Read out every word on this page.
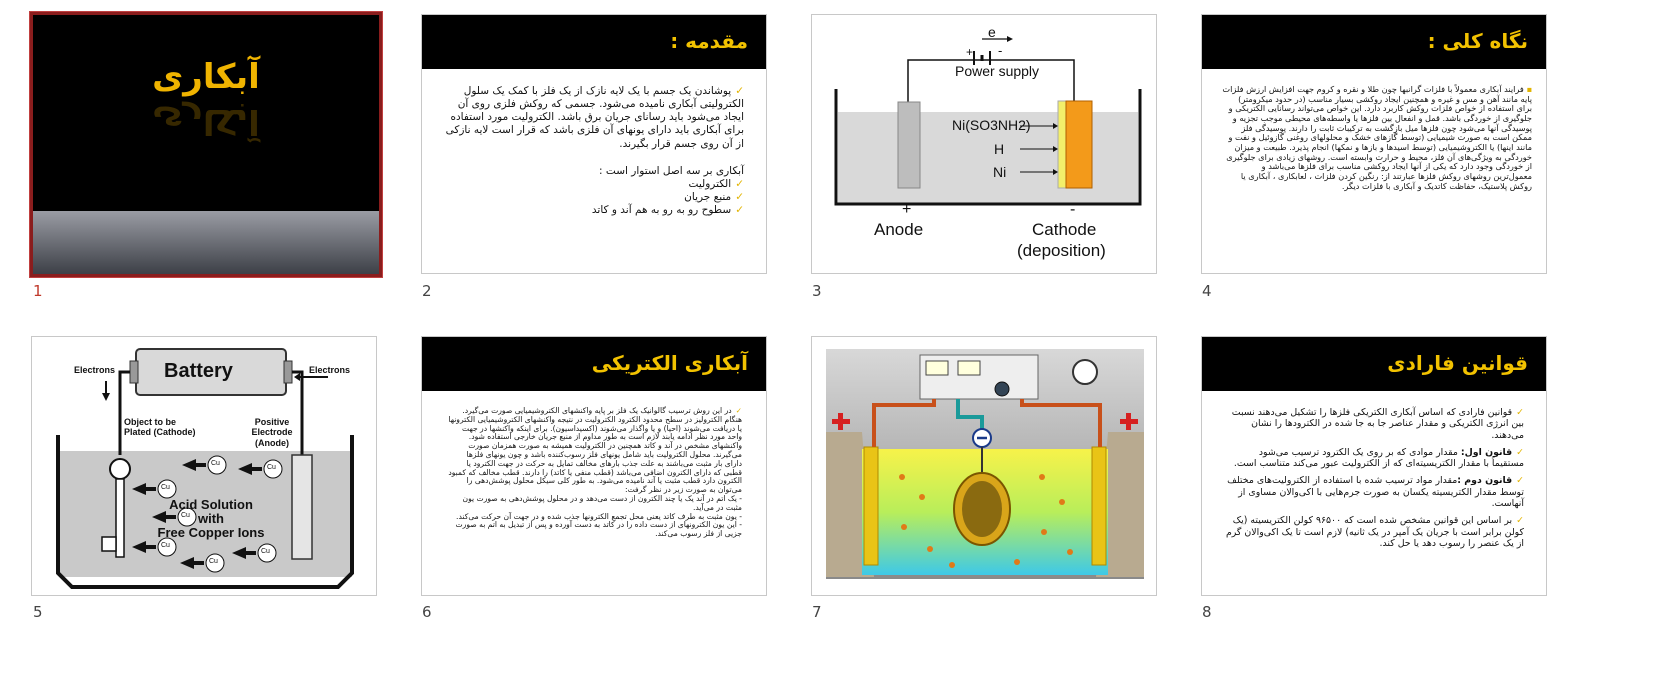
آبکاری
آبکاری
1
مقدمه :
✓ پوشاندن یک جسم با یک لایه نازک از یک فلز با کمک یک سلول الکترولیتی آبکاری نامیده می‌شود. جسمی که روکش فلزی روی آن ایجاد می‌شود باید رسانای جریان برق باشد. الکترولیت مورد استفاده برای آبکاری باید دارای یونهای آن فلزی باشد که قرار است لایه نازکی از آن روی جسم قرار بگیرند.
آبکاری بر سه اصل استوار است :
✓ الکترولیت
✓ منبع جریان
✓ سطوح رو به رو به هم آند و کاتد
2
e
+ -
Power supply
Ni(SO3NH2)
H
Ni
+	-
Anode	Cathode
(deposition)
3
نگاه کلی :
▪ فرایند آبکاری معمولاً با فلزات گرانبها چون طلا و نقره و کروم جهت افزایش ارزش فلزات پایه مانند آهن و مس و غیره و همچنین ایجاد روکشی بسیار مناسب (در حدود میکرومتر) برای استفاده از خواص فلزات روکش کاربرد دارد. این خواص می‌تواند رسانایی الکتریکی و جلوگیری از خوردگی باشد. قمل و انفعال بین فلزها یا واسطه‌های محیطی موجب تجزیه و پوسیدگی آنها می‌شود چون فلزها میل بازگشت به ترکیبات ثابت را دارند. پوسیدگی فلز ممکن است به صورت شیمیایی (توسط گازهای خشک و محلولهای روغنی گازوئیل و نفت و مانند اینها) یا الکتروشیمیایی (توسط اسیدها و بازها و نمکها) انجام پذیرد. طبیعت و میزان خوردگی به ویژگی‌های آن فلز، محیط و حرارت وابسته است. روشهای زیادی برای جلوگیری از خوردگی وجود دارد که یکی از آنها ایجاد روکشی مناسب برای فلزها می‌باشد و معمول‌ترین روشهای روکش فلزها عبارتند از: رنگین کردن فلزات ، لعابکاری ، آبکاری یا روکش پلاستیک، حفاظت کاتدیک و آبکاری با فلزات دیگر.
4
Battery
Electrons	Electrons
Object to be Plated (Cathode)
Positive Electrode (Anode)
Acid Solution
with
Free Copper Ions
Cu
Cu
Cu
Cu
Cu
Cu
Cu
5
آبکاری الکتریکی
✓ در این روش ترسیب گالوانیک یک فلز بر پایه واکنشهای الکتروشیمیایی صورت می‌گیرد. هنگام الکترولیز در سطح محدود الکترود الکترولیت در نتیجه واکنشهای الکتروشیمیایی الکترونها یا دریافت می‌شوند (احیا) و یا واگذار می‌شوند (اکسیداسیون). برای اینکه واکنشها در جهت واحد مورد نظر ادامه یابند لازم است به طور مداوم از منبع جریان خارجی استفاده شود. واکنشهای مشخص در آند و کاتد همچنین در الکترولیت همیشه به صورت همزمان صورت می‌گیرند. محلول الکترولیت باید شامل یونهای فلز رسوب‌کننده باشد و چون یونهای فلزها دارای بار مثبت می‌باشند به علت جذب بارهای مخالف تمایل به حرکت در جهت الکترود یا قطبی که دارای الکترون اضافی می‌باشد (قطب منفی یا کاتد) را دارند. قطب مخالف که کمبود الکترون دارد قطب مثبت یا آند نامیده می‌شود. به طور کلی سیکل محلول پوشش‌دهی را می‌توان به صورت زیر در نظر گرفت:
- یک اتم در آند یک یا چند الکترون از دست می‌دهد و در محلول پوشش‌دهی به صورت یون مثبت در می‌آید.
- یون مثبت به طرف کاتد یعنی محل تجمع الکترونها جذب شده و در جهت آن حرکت می‌کند.
- این یون الکترونهای از دست داده را در کاتد به دست آورده و پس از تبدیل به اتم به صورت جزیی از فلز رسوب می‌کند.
6	7
قوانین فارادی
✓ قوانین فارادی که اساس آبکاری الکتریکی فلزها را تشکیل می‌دهند نسبت بین انرژی الکتریکی و مقدار عناصر جا به جا شده در الکترودها را نشان می‌دهند.
✓ قانون اول: مقدار موادی که بر روی یک الکترود ترسیب می‌شود مستقیماً با مقدار الکتریسیته‌ای که از الکترولیت عبور می‌کند متناسب است.
✓ قانون دوم :مقدار مواد ترسیب شده با استفاده از الکترولیت‌های مختلف توسط مقدار الکتریسیته یکسان به صورت جرم‌هایی با اکی‌والان مساوی از آنهاست.
✓ بر اساس این قوانین مشخص شده است که ۹۶۵۰۰ کولن الکتریسیته (یک کولن برابر است با جریان یک آمپر در یک ثانیه) لازم است تا یک اکی‌والان گرم از یک عنصر را رسوب دهد یا حل کند.
8
